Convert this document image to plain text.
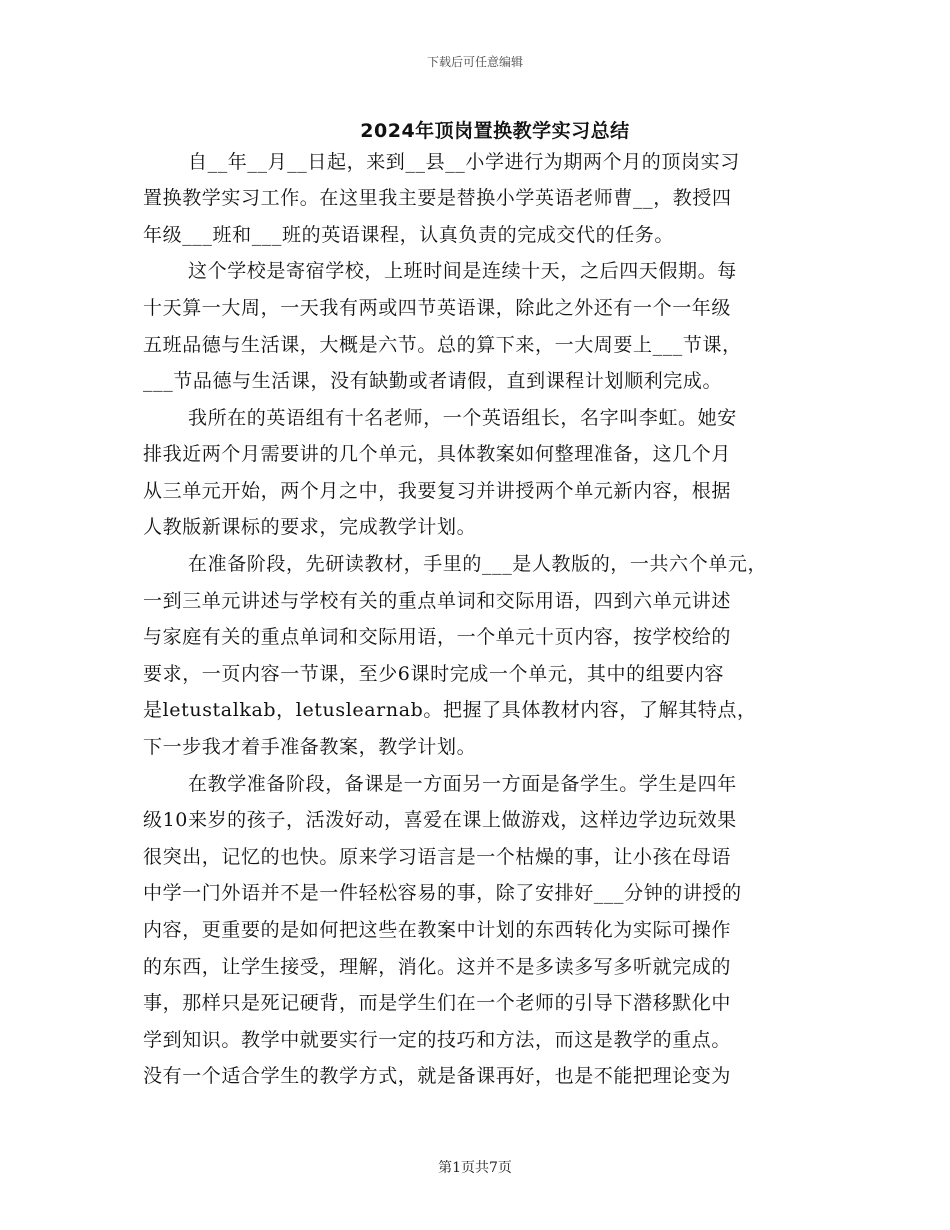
下载后可任意编辑
2024年顶岗置换教学实习总结
自__年__月__日起，来到__县__小学进行为期两个月的顶岗实习
置换教学实习工作。在这里我主要是替换小学英语老师曹__，教授四
年级___班和___班的英语课程，认真负责的完成交代的任务。
这个学校是寄宿学校，上班时间是连续十天，之后四天假期。每
十天算一大周，一天我有两或四节英语课，除此之外还有一个一年级
五班品德与生活课，大概是六节。总的算下来，一大周要上___节课，
___节品德与生活课，没有缺勤或者请假，直到课程计划顺利完成。
我所在的英语组有十名老师，一个英语组长，名字叫李虹。她安
排我近两个月需要讲的几个单元，具体教案如何整理准备，这几个月
从三单元开始，两个月之中，我要复习并讲授两个单元新内容，根据
人教版新课标的要求，完成教学计划。
在准备阶段，先研读教材，手里的___是人教版的，一共六个单元，
一到三单元讲述与学校有关的重点单词和交际用语，四到六单元讲述
与家庭有关的重点单词和交际用语，一个单元十页内容，按学校给的
要求，一页内容一节课，至少6课时完成一个单元，其中的组要内容
是letustalkab，letuslearnab。把握了具体教材内容，了解其特点，
下一步我才着手准备教案，教学计划。
在教学准备阶段，备课是一方面另一方面是备学生。学生是四年
级10来岁的孩子，活泼好动，喜爱在课上做游戏，这样边学边玩效果
很突出，记忆的也快。原来学习语言是一个枯燥的事，让小孩在母语
中学一门外语并不是一件轻松容易的事，除了安排好___分钟的讲授的
内容，更重要的是如何把这些在教案中计划的东西转化为实际可操作
的东西，让学生接受，理解，消化。这并不是多读多写多听就完成的
事，那样只是死记硬背，而是学生们在一个老师的引导下潜移默化中
学到知识。教学中就要实行一定的技巧和方法，而这是教学的重点。
没有一个适合学生的教学方式，就是备课再好，也是不能把理论变为
第1页共7页
